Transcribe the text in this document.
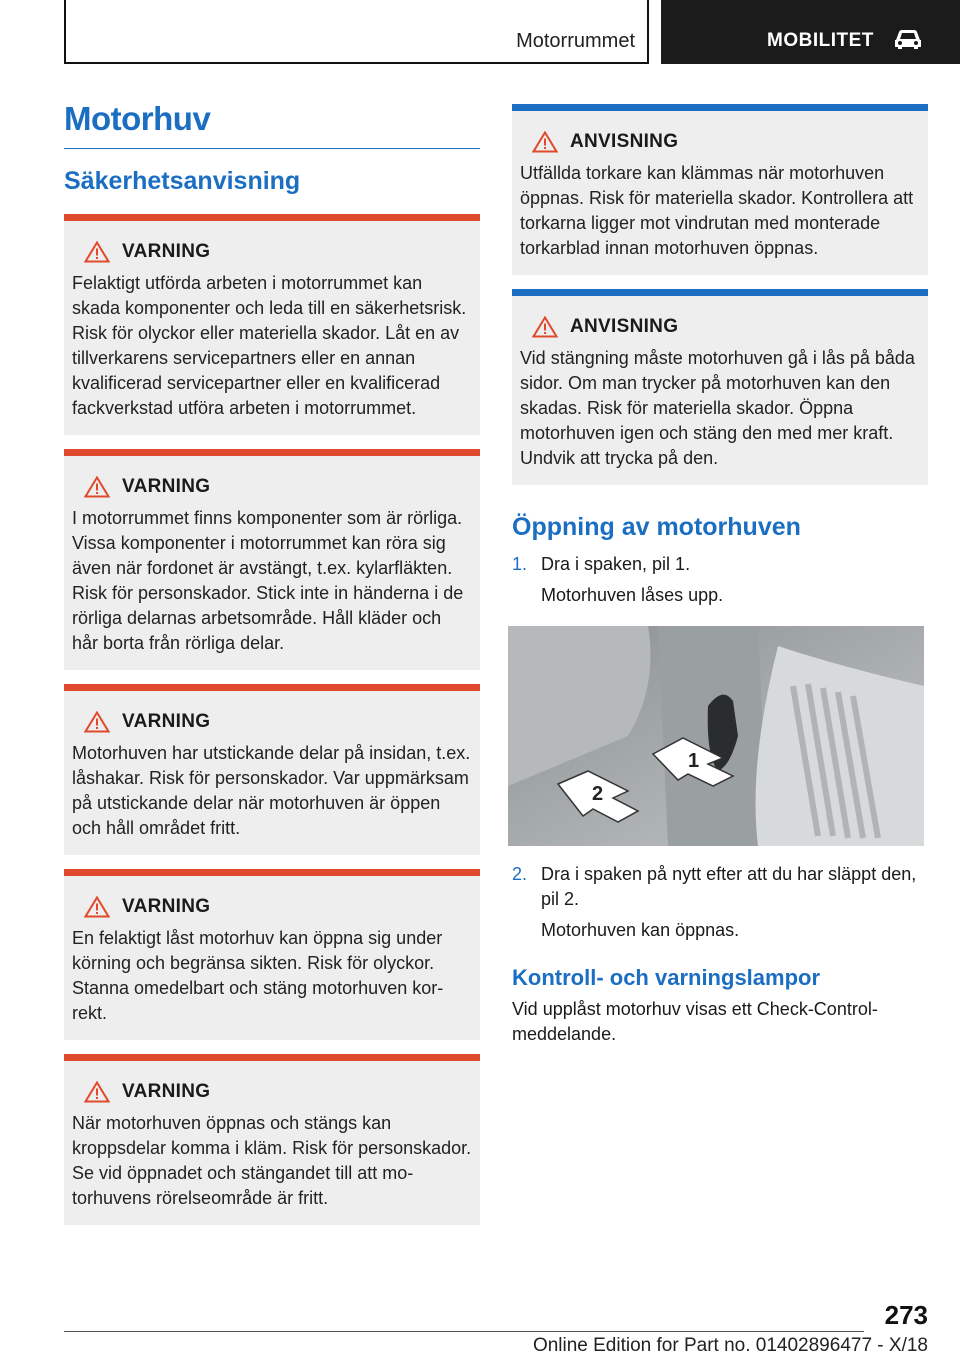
Motorrummet	MOBILITET
Motorhuv
Säkerhetsanvisning
VARNING
Felaktigt utförda arbeten i motorrummet kan skada komponenter och leda till en säkerhetsrisk. Risk för olyckor eller materiella skador. Låt en av tillverkarens servicepartners eller en annan kvalificerad servicepartner eller en kvalificerad fackverkstad utföra arbeten i motorrummet.
VARNING
I motorrummet finns komponenter som är rörliga. Vissa komponenter i motorrummet kan röra sig även när fordonet är avstängt, t.ex. kylarfläkten. Risk för personskador. Stick inte in händerna i de rörliga delarnas arbetsområde. Håll kläder och hår borta från rörliga delar.
VARNING
Motorhuven har utstickande delar på insidan, t.ex. låshakar. Risk för personskador. Var uppmärksam på utstickande delar när motorhuven är öppen och håll området fritt.
VARNING
En felaktigt låst motorhuv kan öppna sig under körning och begränsa sikten. Risk för olyckor. Stanna omedelbart och stäng motorhuven korrekt.
VARNING
När motorhuven öppnas och stängs kan kroppsdelar komma i kläm. Risk för personskador. Se vid öppnadet och stängandet till att motorhuvens rörelseområde är fritt.
ANVISNING
Utfällda torkare kan klämmas när motorhuven öppnas. Risk för materiella skador. Kontrollera att torkarna ligger mot vindrutan med monterade torkarblad innan motorhuven öppnas.
ANVISNING
Vid stängning måste motorhuven gå i lås på båda sidor. Om man trycker på motorhuven kan den skadas. Risk för materiella skador. Öppna motorhuven igen och stäng den med mer kraft. Undvik att trycka på den.
Öppning av motorhuven
1. Dra i spaken, pil 1.
Motorhuven låses upp.
1
2
2. Dra i spaken på nytt efter att du har släppt den, pil 2.
Motorhuven kan öppnas.
Kontroll- och varningslampor
Vid upplåst motorhuv visas ett Check-Control-meddelande.
273
Online Edition for Part no. 01402896477 - X/18
